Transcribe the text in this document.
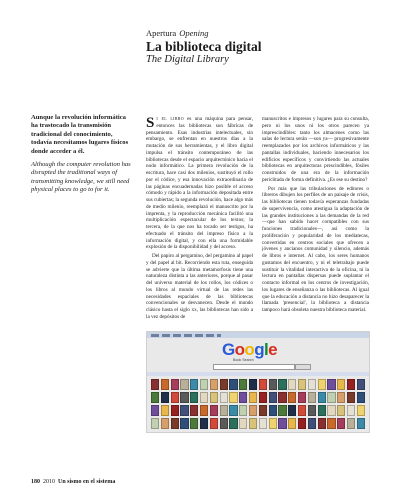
Apertura Opening

La biblioteca digital

The Digital Library

Aunque la revolución informática ha trastocado la transmisión tradicional del conocimiento, todavía necesitamos lugares físicos donde acceder a él.

Although the computer revolution has disrupted the traditional ways of transmitting knowledge, we still need physical places to go to for it.

Si el libro es una máquina para pensar, entonces las bibliotecas son fábricas de pensamiento. Esas industrias intelectuales, sin embargo, se enfrentan en nuestros días a la mutación de sus herramientas, y el libro digital impulsa el tránsito contemporáneo de las bibliotecas desde el espacio arquitectónico hacia el nodo informático. La primera revolución de la escritura, hace casi dos milenios, sustituyó el rollo por el códice, y esa innovación extraordinaria de las páginas encuadernadas hizo posible el acceso cómodo y rápido a la información depositada entre sus cubiertas; la segunda revolución, hace algo más de medio milenio, reemplazó el manuscrito por la imprenta, y la reproducción mecánica facilitó una multiplicación espectacular de los textos; la tercera, de la que nos ha tocado ser testigos, ha efectuado el tránsito del impreso físico a la información digital, y con ella una formidable explosión de la disponibilidad y del acceso.

Del papiro al pergamino, del pergamino al papel y del papel al bit. Recorriendo esta ruta, enseguida se advierte que la última metamorfosis tiene una naturaleza distinta a las anteriores, porque al pasar del universo material de los rollos, los códices o los libros al mundo virtual de las redes las necesidades espaciales de las bibliotecas convencionales se desvanecen. Desde el mundo clásico hasta el siglo xx, las bibliotecas han sido a la vez depósitos de

manuscritos e impresos y lugares para su consulta, pero ni los unos ni los otros parecen ya imprescindibles: tanto los almacenes como las salas de lectura serán —son ya— progresivamente reemplazados por los archivos informáticos y las pantallas individuales, haciendo innecesarios los edificios específicos y convirtiendo las actuales bibliotecas en arquitecturas prescindibles, fósiles construidos de una era de la información periclitada de forma definitiva. ¿Es ese su destino?

Por más que las tribulaciones de editores o libreros dibujen los perfiles de un paisaje de crisis, las bibliotecas tienen todavía esperanzas fundadas de supervivencia, como atestigua la adaptación de las grandes instituciones a las demandas de la red —que han sabido hacer compatibles con sus funciones tradicionales—, así como la proliferación y popularidad de los mediatecas, convertidas en centros sociales que ofrecen a jóvenes y ancianos comunidad y silencio, además de libros e internet. Al cabo, los seres humanos gustamos del encuentro, y ni el teletrabajo puede sustituir la vitalidad interactiva de la oficina, ni la lectura en pantallas dispersas puede suplantar el contacto informal en los centros de investigación, los lugares de enseñanza o las bibliotecas. Al igual que la educación a distancia no hizo desaparecer la llamada 'presencial', la biblioteca a distancia tampoco hará obsoleta nuestra biblioteca material.

Google
Book Search
180 2010 Un sismo en el sistema
